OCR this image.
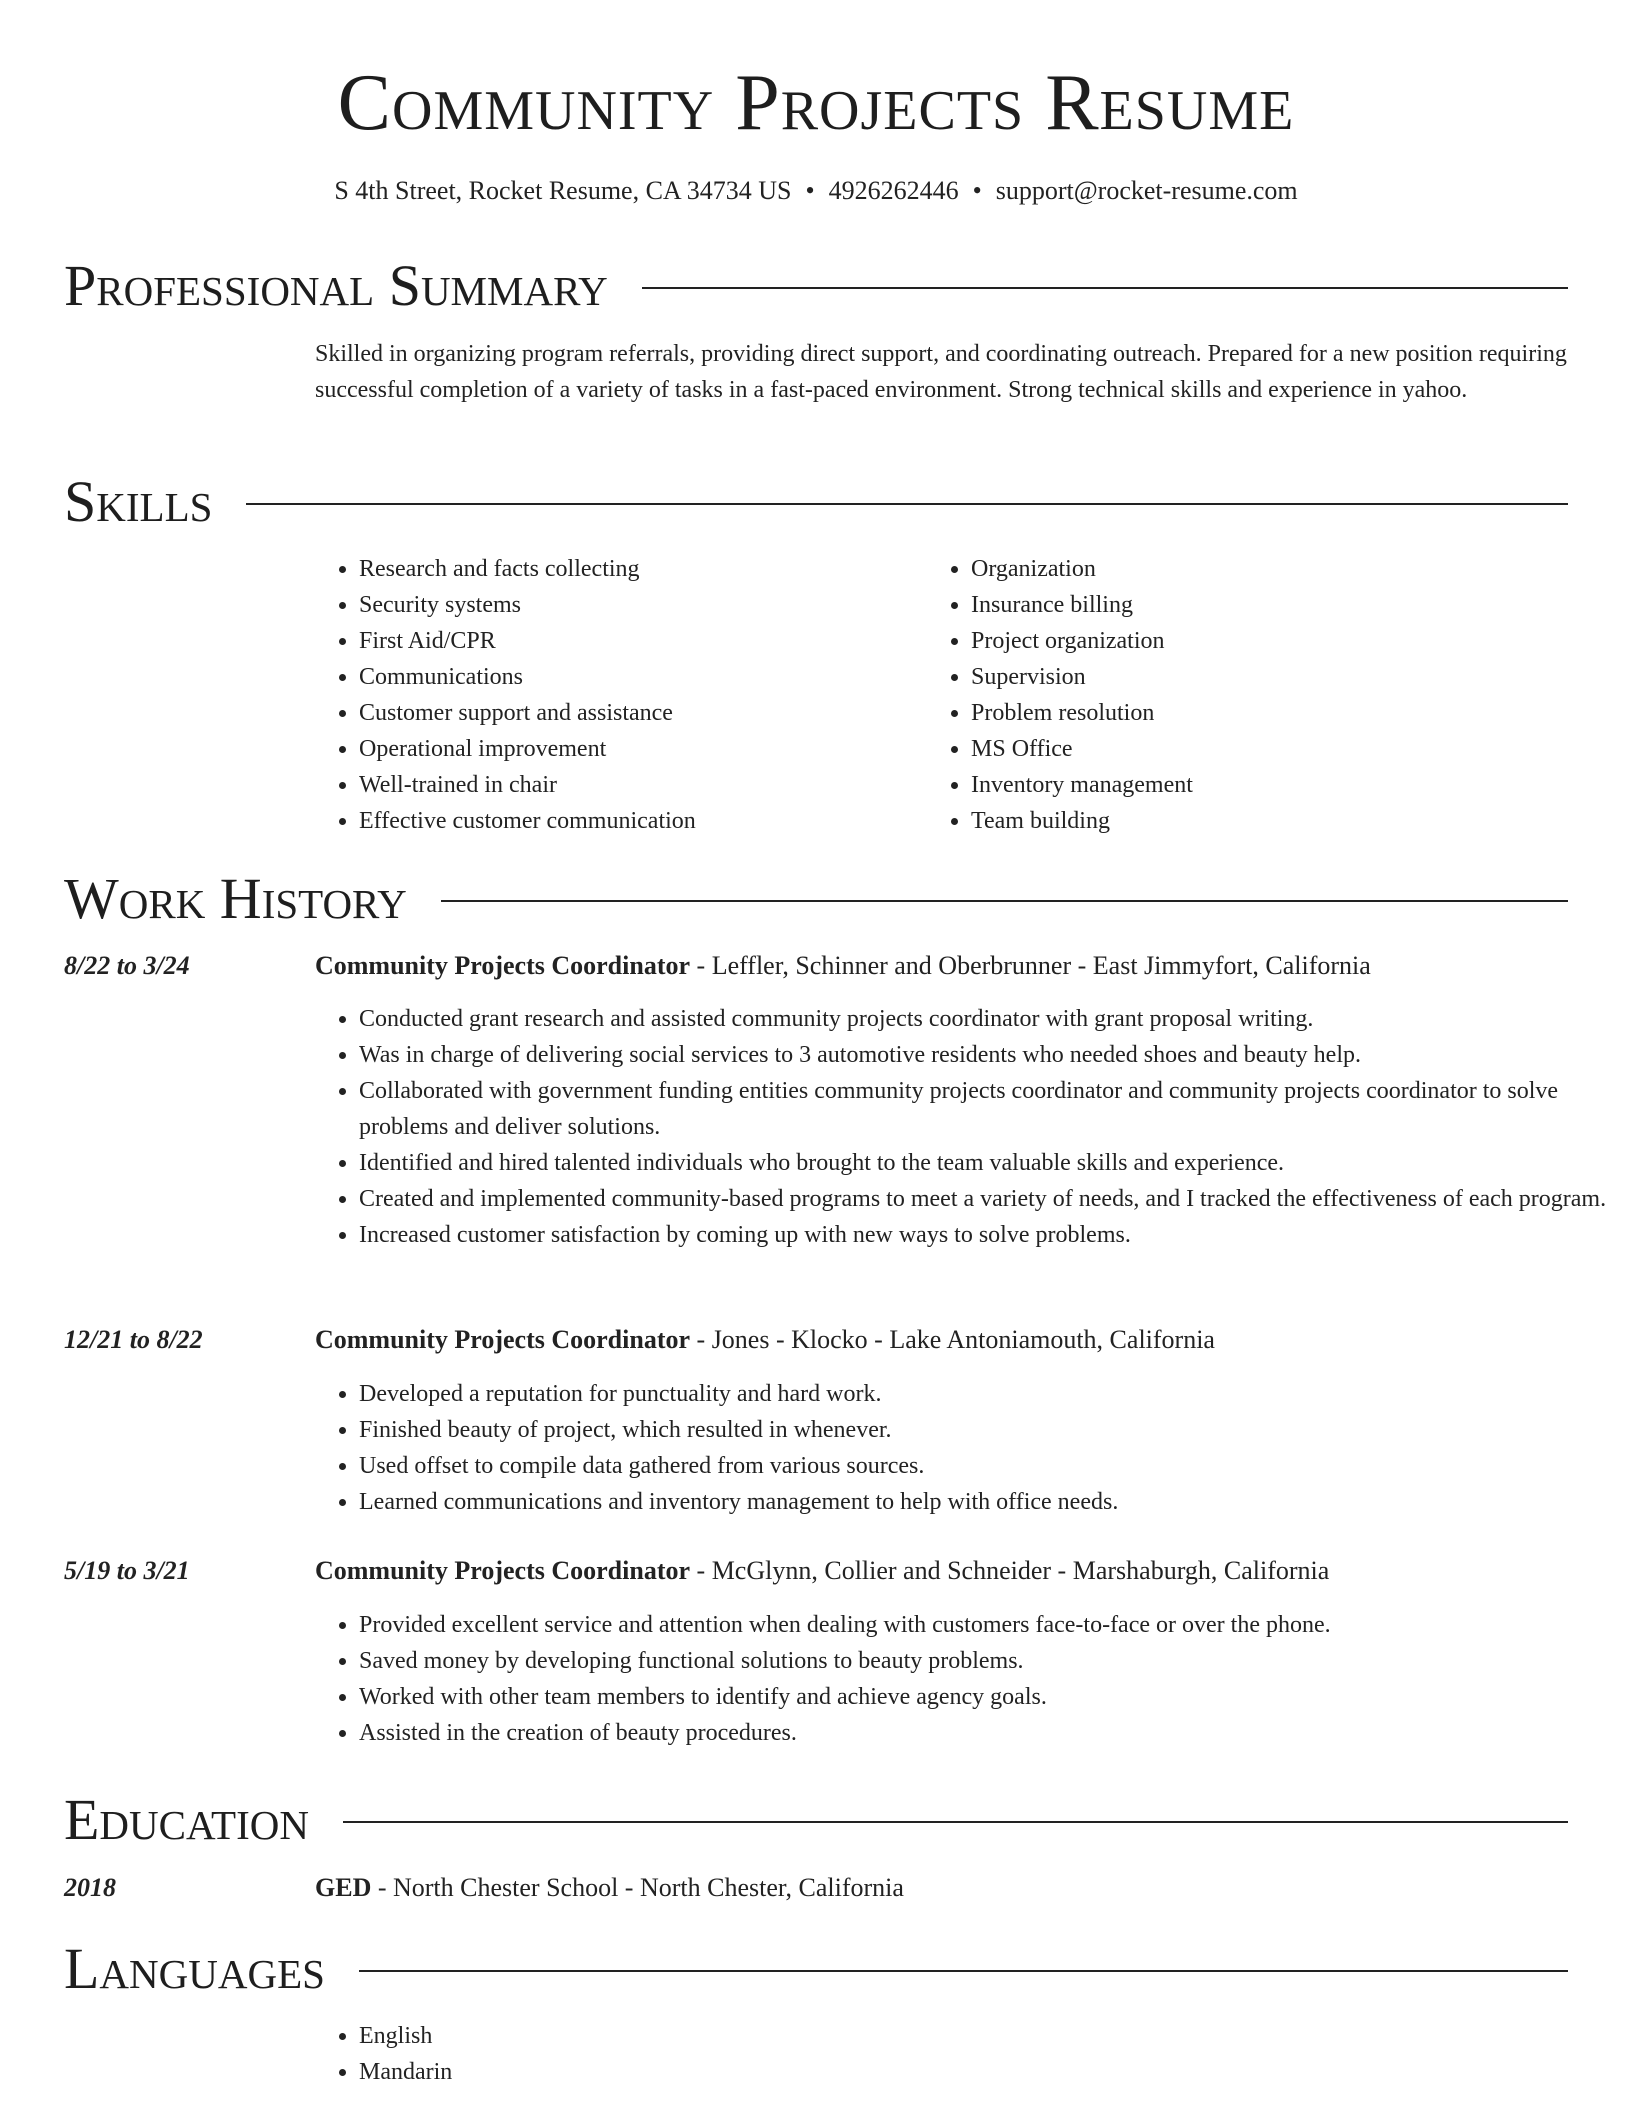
Community Projects Resume
S 4th Street, Rocket Resume, CA 34734 US • 4926262446 • support@rocket-resume.com
Professional Summary

Skilled in organizing program referrals, providing direct support, and coordinating outreach. Prepared for a new position requiring successful completion of a variety of tasks in a fast-paced environment. Strong technical skills and experience in yahoo.

Skills
• Research and facts collecting
• Security systems
• First Aid/CPR
• Communications
• Customer support and assistance
• Operational improvement
• Well-trained in chair
• Effective customer communication
• Organization
• Insurance billing
• Project organization
• Supervision
• Problem resolution
• MS Office
• Inventory management
• Team building
Work History
8/22 to 3/24	Community Projects Coordinator - Leffler, Schinner and Oberbrunner - East Jimmyfort, California
• Conducted grant research and assisted community projects coordinator with grant proposal writing.
• Was in charge of delivering social services to 3 automotive residents who needed shoes and beauty help.
• Collaborated with government funding entities community projects coordinator and community projects coordinator to solve problems and deliver solutions.
• Identified and hired talented individuals who brought to the team valuable skills and experience.
• Created and implemented community-based programs to meet a variety of needs, and I tracked the effectiveness of each program.
• Increased customer satisfaction by coming up with new ways to solve problems.
12/21 to 8/22	Community Projects Coordinator - Jones - Klocko - Lake Antoniamouth, California
• Developed a reputation for punctuality and hard work.
• Finished beauty of project, which resulted in whenever.
• Used offset to compile data gathered from various sources.
• Learned communications and inventory management to help with office needs.
5/19 to 3/21	Community Projects Coordinator - McGlynn, Collier and Schneider - Marshaburgh, California
• Provided excellent service and attention when dealing with customers face-to-face or over the phone.
• Saved money by developing functional solutions to beauty problems.
• Worked with other team members to identify and achieve agency goals.
• Assisted in the creation of beauty procedures.
Education
2018	GED - North Chester School - North Chester, California
Languages
• English
• Mandarin
